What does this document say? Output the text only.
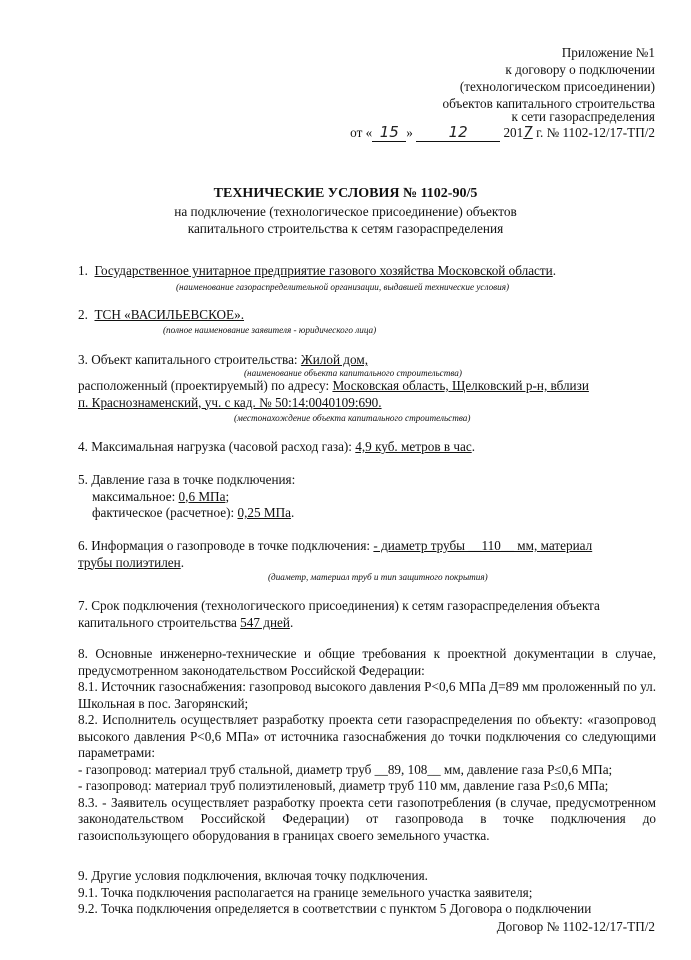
Приложение №1
к договору о подключении
(технологическом присоединении)
объектов капитального строительства
к сети газораспределения
от « 15 » 12	2017 г. № 1102-12/17-ТП/2
ТЕХНИЧЕСКИЕ УСЛОВИЯ № 1102-90/5
на подключение (технологическое присоединение) объектов
капитального строительства к сетям газораспределения
1. Государственное унитарное предприятие газового хозяйства Московской области.
(наименование газораспределительной организации, выдавшей технические условия)
2. ТСН «ВАСИЛЬЕВСКОЕ».
(полное наименование заявителя - юридического лица)
3. Объект капитального строительства: Жилой дом,
(наименование объекта капитального строительства)
расположенный (проектируемый) по адресу: Московская область, Щелковский р-н, вблизи
п. Краснознаменский, уч. с кад. № 50:14:0040109:690.
(местонахождение объекта капитального строительства)
4. Максимальная нагрузка (часовой расход газа): 4,9 куб. метров в час.
5. Давление газа в точке подключения:
максимальное: 0,6 МПа;
фактическое (расчетное): 0,25 МПа.
6. Информация о газопроводе в точке подключения: - диаметр трубы __110__ мм, материал
трубы полиэтилен.
(диаметр, материал труб и тип защитного покрытия)
7. Срок подключения (технологического присоединения) к сетям газораспределения объекта
капитального строительства 547 дней.
8. Основные инженерно-технические и общие требования к проектной документации в случае, предусмотренном законодательством Российской Федерации:
8.1. Источник газоснабжения: газопровод высокого давления Р<0,6 МПа Д=89 мм проложенный по ул. Школьная в пос. Загорянский;
8.2. Исполнитель осуществляет разработку проекта сети газораспределения по объекту: «газопровод высокого давления Р<0,6 МПа» от источника газоснабжения до точки подключения со следующими параметрами:
- газопровод: материал труб стальной, диаметр труб __89, 108__ мм, давление газа Р≤0,6 МПа;
- газопровод: материал труб полиэтиленовый, диаметр труб 110 мм, давление газа Р≤0,6 МПа;
8.3. - Заявитель осуществляет разработку проекта сети газопотребления (в случае, предусмотренном законодательством Российской Федерации) от газопровода в точке подключения до газоиспользующего оборудования в границах своего земельного участка.
9. Другие условия подключения, включая точку подключения.
9.1. Точка подключения располагается на границе земельного участка заявителя;
9.2. Точка подключения определяется в соответствии с пунктом 5 Договора о подключении
Договор № 1102-12/17-ТП/2
